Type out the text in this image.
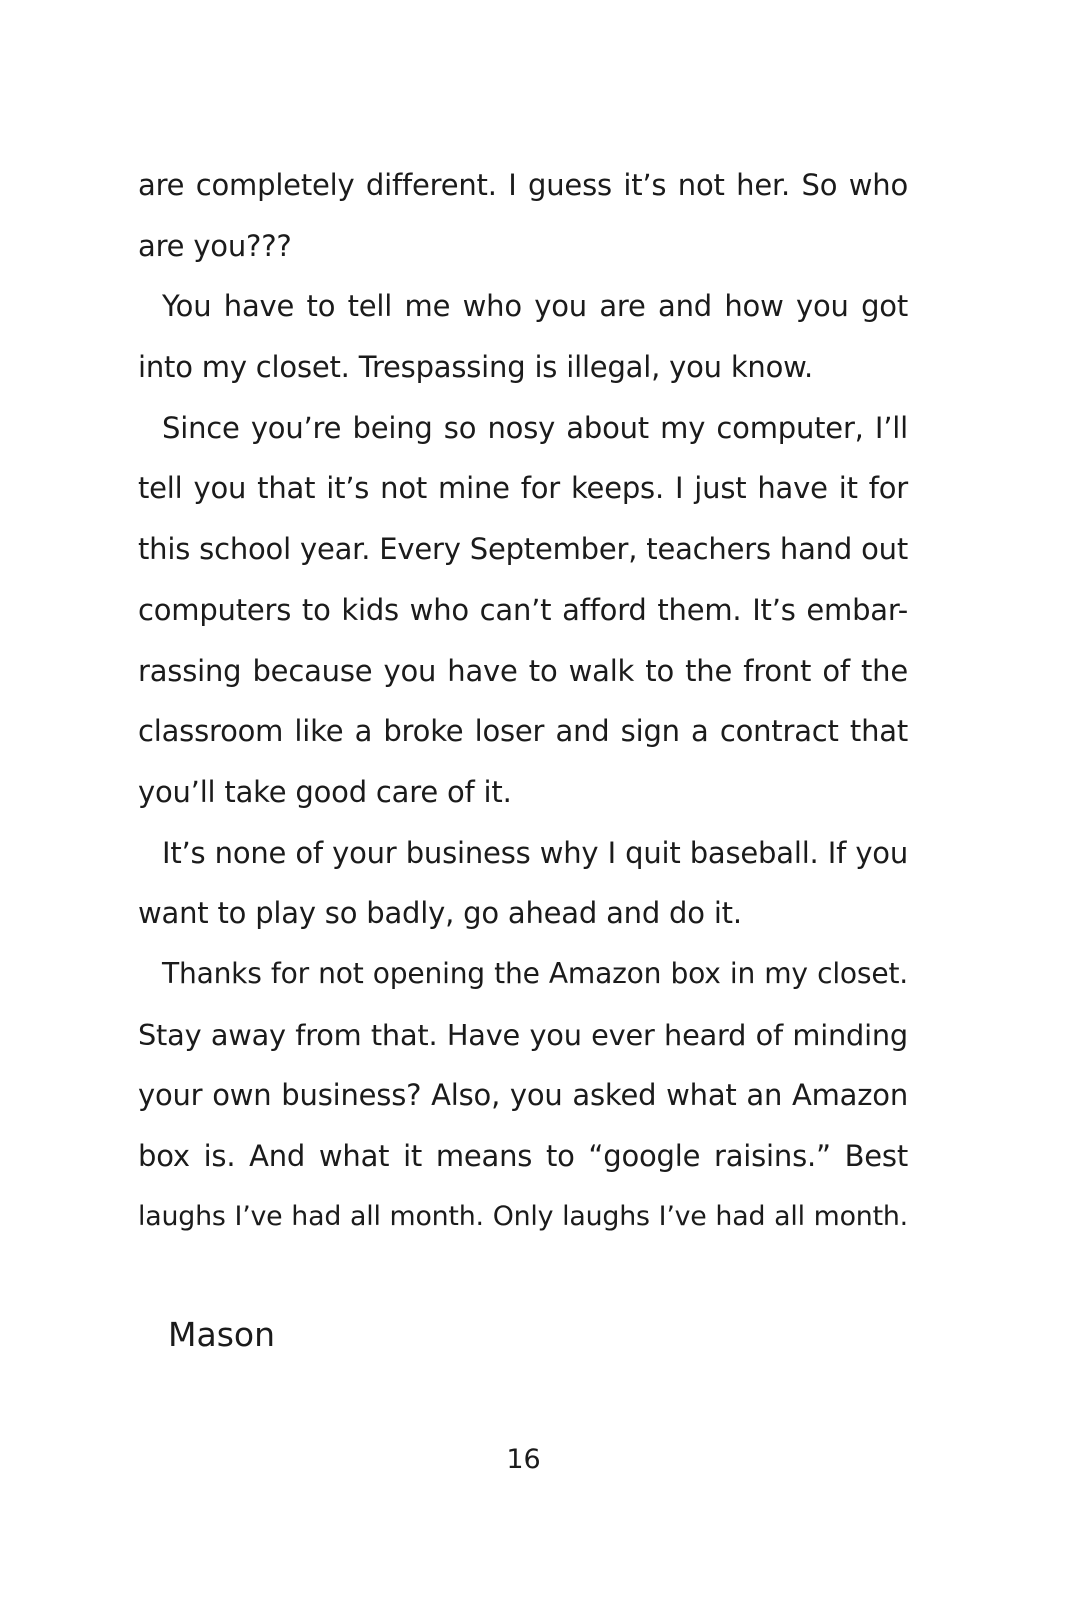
are completely different. I guess it’s not her. So who
are you???
You have to tell me who you are and how you got
into my closet. Trespassing is illegal, you know.
Since you’re being so nosy about my computer, I’ll
tell you that it’s not mine for keeps. I just have it for
this school year. Every September, teachers hand out
computers to kids who can’t afford them. It’s embar-
rassing because you have to walk to the front of the
classroom like a broke loser and sign a contract that
you’ll take good care of it.
It’s none of your business why I quit baseball. If you
want to play so badly, go ahead and do it.
Thanks for not opening the Amazon box in my closet.
Stay away from that. Have you ever heard of minding
your own business? Also, you asked what an Amazon
box is. And what it means to “google raisins.” Best
laughs I’ve had all month. Only laughs I’ve had all month.
Mason
16
